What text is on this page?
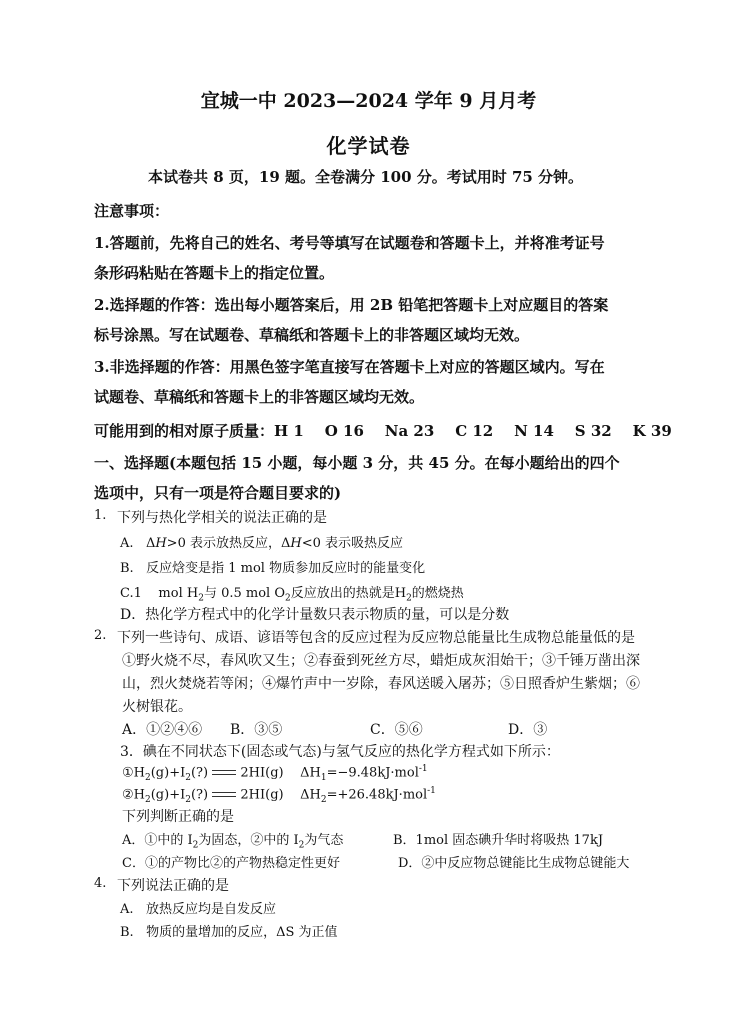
宜城一中 2023—2024 学年 9 月月考
化学试卷
本试卷共 8 页，19 题。全卷满分 100 分。考试用时 75 分钟。
注意事项：
1.答题前，先将自己的姓名、考号等填写在试题卷和答题卡上，并将准考证号
条形码粘贴在答题卡上的指定位置。
2.选择题的作答：选出每小题答案后，用 2B 铅笔把答题卡上对应题目的答案
标号涂黑。写在试题卷、草稿纸和答题卡上的非答题区域均无效。
3.非选择题的作答：用黑色签字笔直接写在答题卡上对应的答题区域内。写在
试题卷、草稿纸和答题卡上的非答题区域均无效。
可能用到的相对原子质量：H 1    O 16    Na 23    C 12    N 14    S 32    K 39
一、选择题(本题包括 15 小题，每小题 3 分，共 45 分。在每小题给出的四个
选项中，只有一项是符合题目要求的)
1. 下列与热化学相关的说法正确的是
A. ΔH>0 表示放热反应，ΔH<0 表示吸热反应
B. 反应焓变是指 1 mol 物质参加反应时的能量变化
C.1 mol $H_2$与 0.5 mol $O_2$反应放出的热就是$H_2$的燃烧热
D．热化学方程式中的化学计量数只表示物质的量，可以是分数
2. 下列一些诗句、成语、谚语等包含的反应过程为反应物总能量比生成物总能量低的是
①野火烧不尽，春风吹又生；②春蚕到死丝方尽，蜡炬成灰泪始干；③千锤万凿出深
山，烈火焚烧若等闲；④爆竹声中一岁除，春风送暖入屠苏；⑤日照香炉生紫烟；⑥
火树银花。
A．①②④⑥ B．③⑤	C．⑤⑥	D．③
3．碘在不同状态下(固态或气态)与氢气反应的热化学方程式如下所示：
$①H_2(g)+I_2(?)$ 2HI(g) $\Delta H_1=-9.48kJ\cdot mol^{-1}$
$②H_2(g)+I_2(?)$ 2HI(g) $\Delta H_2=+26.48kJ\cdot mol^{-1}$
下列判断正确的是
A．①中的 $I_2$为固态，②中的 $I_2$为气态	B．1mol 固态碘升华时将吸热 17kJ
C．①的产物比②的产物热稳定性更好	D．②中反应物总键能比生成物总键能大
4. 下列说法正确的是
A. 放热反应均是自发反应
B. 物质的量增加的反应，ΔS 为正值
